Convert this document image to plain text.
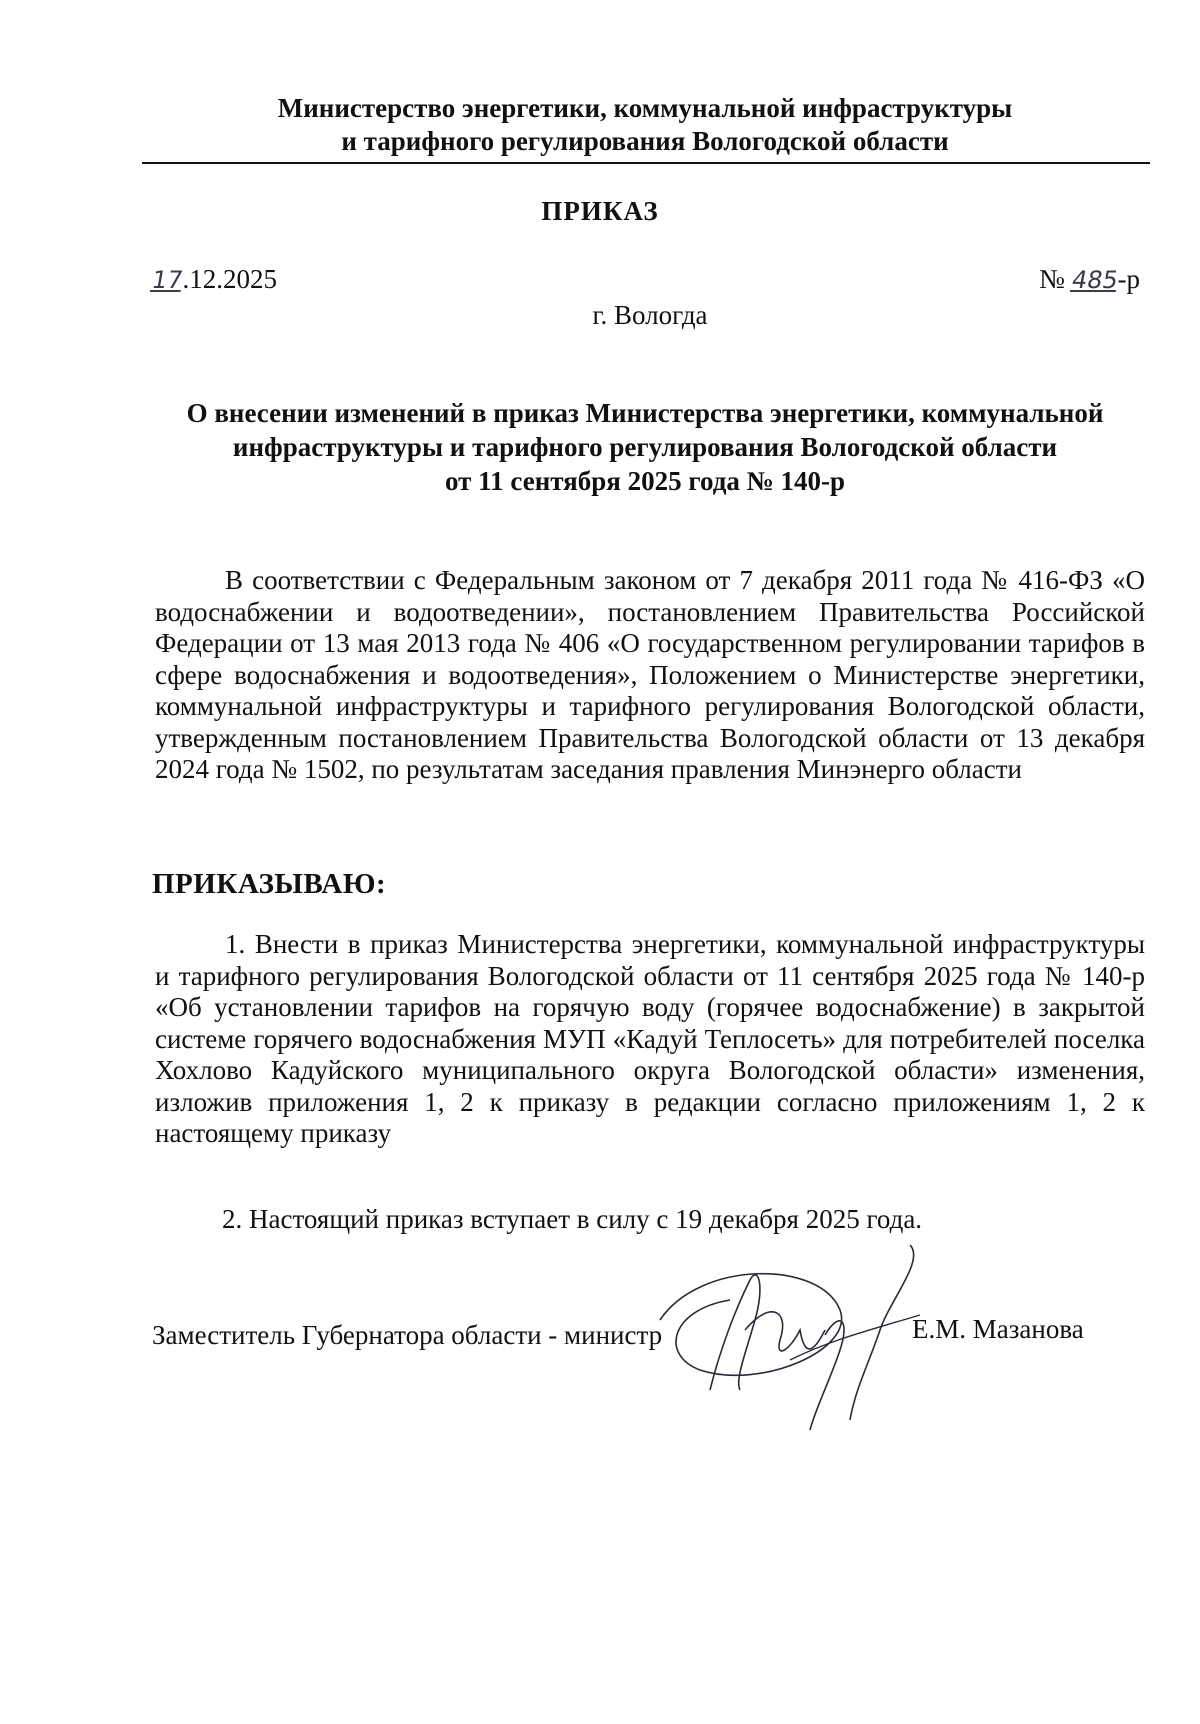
Министерство энергетики, коммунальной инфраструктуры
и тарифного регулирования Вологодской области
ПРИКАЗ
17.12.2025	№ 485-р
г. Вологда
О внесении изменений в приказ Министерства энергетики, коммунальной
инфраструктуры и тарифного регулирования Вологодской области
от 11 сентября 2025 года № 140-р
В соответствии с Федеральным законом от 7 декабря 2011 года № 416-ФЗ «О водоснабжении и водоотведении», постановлением Правительства Российской Федерации от 13 мая 2013 года № 406 «О государственном регулировании тарифов в сфере водоснабжения и водоотведения», Положением о Министерстве энергетики, коммунальной инфраструктуры и тарифного регулирования Вологодской области, утвержденным постановлением Правительства Вологодской области от 13 декабря 2024 года № 1502, по результатам заседания правления Минэнерго области
ПРИКАЗЫВАЮ:
1. Внести в приказ Министерства энергетики, коммунальной инфраструктуры и тарифного регулирования Вологодской области от 11 сентября 2025 года № 140-р «Об установлении тарифов на горячую воду (горячее водоснабжение) в закрытой системе горячего водоснабжения МУП «Кадуй Теплосеть» для потребителей поселка Хохлово Кадуйского муниципального округа Вологодской области» изменения, изложив приложения 1, 2 к приказу в редакции согласно приложениям 1, 2 к настоящему приказу
2. Настоящий приказ вступает в силу с 19 декабря 2025 года.
Заместитель Губернатора области - министр	Е.М. Мазанова
